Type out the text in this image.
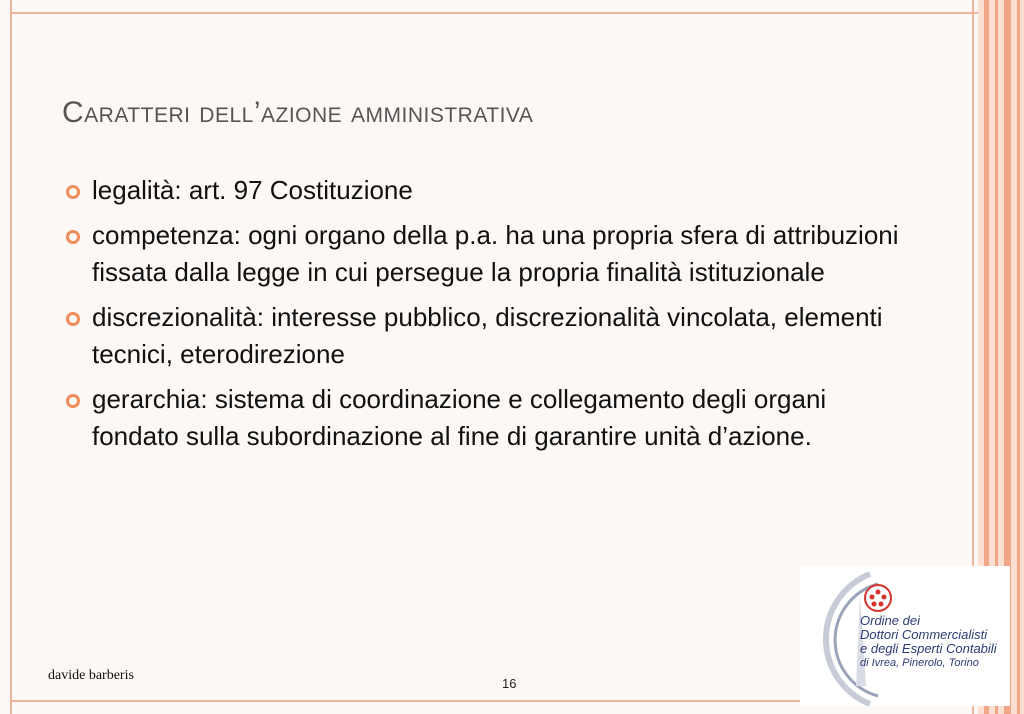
Caratteri dell’azione amministrativa
legalità: art. 97 Costituzione
competenza: ogni organo della p.a. ha una propria sfera di attribuzioni fissata dalla legge in cui persegue la propria finalità istituzionale
discrezionalità: interesse pubblico, discrezionalità vincolata, elementi tecnici, eterodirezione
gerarchia: sistema di coordinazione e collegamento degli organi fondato sulla subordinazione al fine di garantire unità d’azione.
davide barberis
16
Ordine dei
Dottori Commercialisti
e degli Esperti Contabili
di Ivrea, Pinerolo, Torino
